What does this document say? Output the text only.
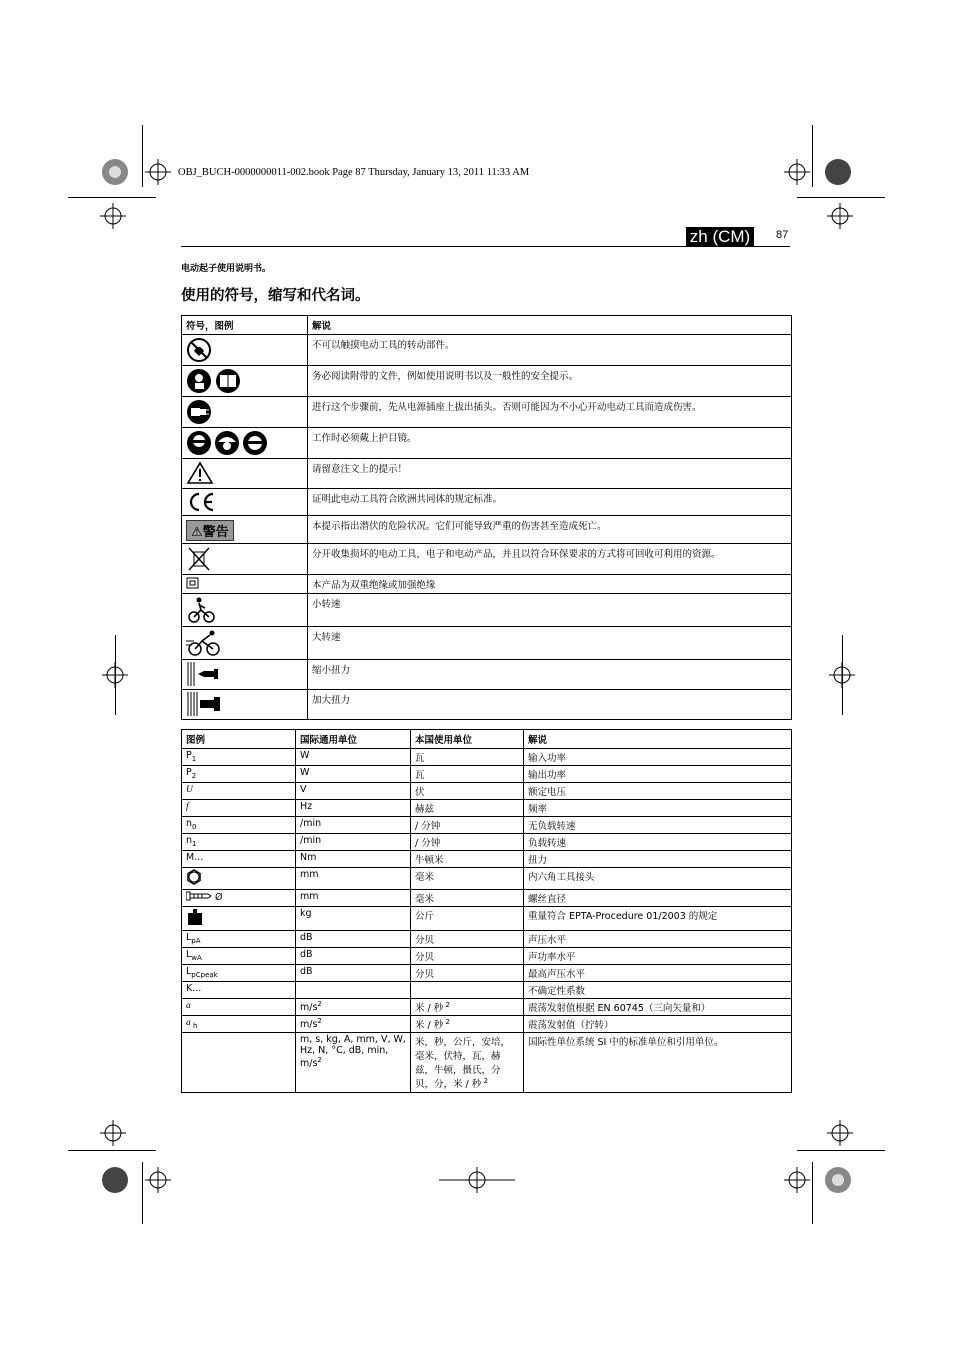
OBJ_BUCH-0000000011-002.book Page 87 Thursday, January 13, 2011 11:33 AM
zh (CM)	87
电动起子使用说明书。
使用的符号，缩写和代名词。
符号，图例	解说

	不可以触摸电动工具的转动部件。

	务必阅读附带的文件，例如使用说明书以及一般性的安全提示。

	进行这个步骤前，先从电源插座上拔出插头。否则可能因为不小心开动电动工具而造成伤害。

	工作时必须戴上护目镜。

	请留意注文上的提示！

	证明此电动工具符合欧洲共同体的规定标准。
⚠警告	本提示指出潜伏的危险状况。它们可能导致严重的伤害甚至造成死亡。

	分开收集损坏的电动工具，电子和电动产品，并且以符合环保要求的方式将可回收可利用的资源。

	本产品为双重绝缘或加强绝缘

	小转速

	大转速

	缩小扭力

	加大扭力
图例	国际通用单位	本国使用单位	解说
$P_1$	W	瓦	输入功率
$P_2$	W	瓦	输出功率
U	V	伏	额定电压
f	Hz	赫兹	频率
$n_0$	/min	/ 分钟	无负载转速
$n_1$	/min	/ 分钟	负载转速
M...	Nm	牛顿米	扭力
	mm	毫米	内六角工具接头
Ø	mm	毫米	螺丝直径
	kg	公斤	重量符合 EPTA-Procedure 01/2003 的规定
$L_{pA}$	dB	分贝	声压水平
$L_{wA}$	dB	分贝	声功率水平
$L_{pCpeak}$	dB	分贝	最高声压水平
K...			不确定性系数
a	$m/s^2$	米 / 秒 $^2$	震荡发射值根据 EN 60745（三向矢量和）
a $_h$	$m/s^2$	米 / 秒 $^2$	震荡发射值（拧转）
	m, s, kg, A, mm, V, W, Hz, N, °C, dB, min, $m/s^2$	米，秒，公斤，安培，毫米，伏特，瓦，赫兹，牛顿，摄氏，分贝，分，米 / 秒 $^2$	国际性单位系统 SI 中的标准单位和引用单位。
